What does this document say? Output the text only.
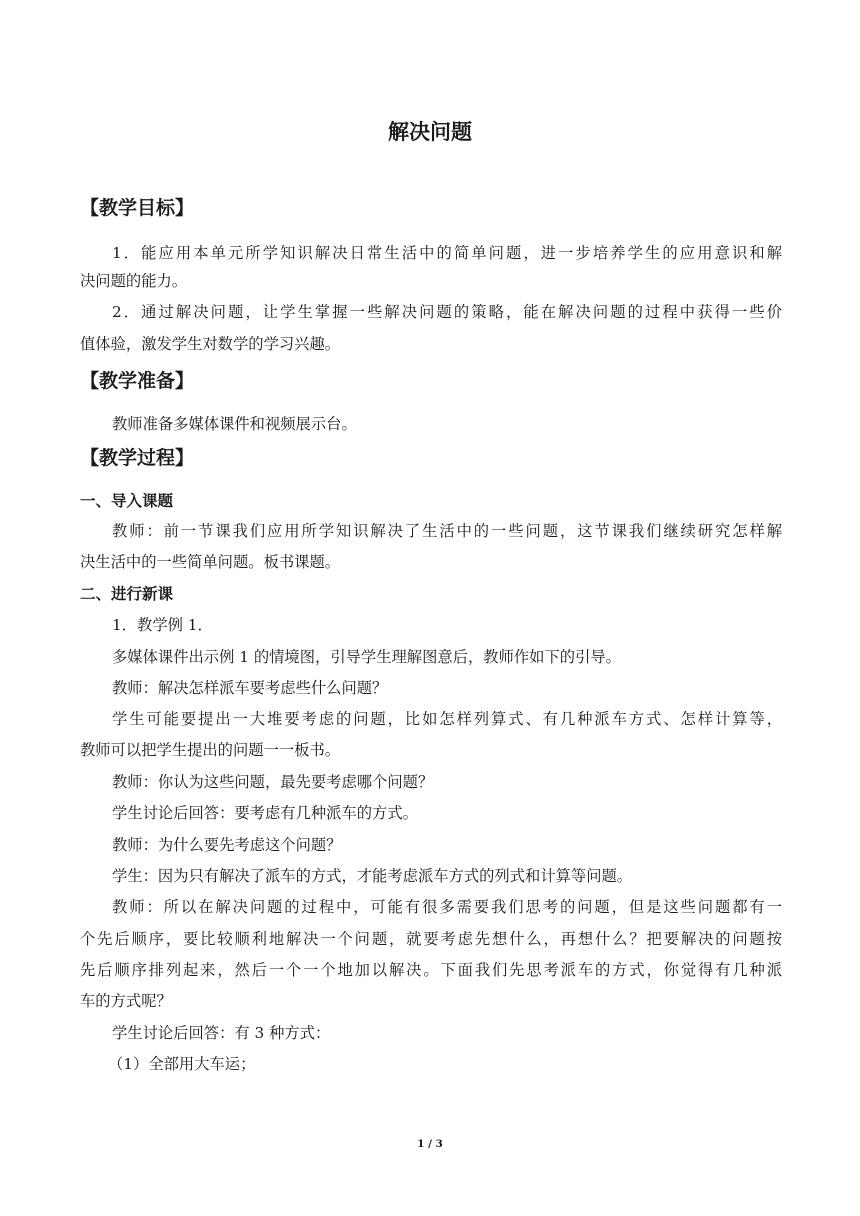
解决问题
【教学目标】
1．能应用本单元所学知识解决日常生活中的简单问题，进一步培养学生的应用意识和解
决问题的能力。
2．通过解决问题，让学生掌握一些解决问题的策略，能在解决问题的过程中获得一些价
值体验，激发学生对数学的学习兴趣。
【教学准备】
教师准备多媒体课件和视频展示台。
【教学过程】
一、导入课题
教师：前一节课我们应用所学知识解决了生活中的一些问题，这节课我们继续研究怎样解
决生活中的一些简单问题。板书课题。
二、进行新课
1．教学例 1．
多媒体课件出示例 1 的情境图，引导学生理解图意后，教师作如下的引导。
教师：解决怎样派车要考虑些什么问题？
学生可能要提出一大堆要考虑的问题，比如怎样列算式、有几种派车方式、怎样计算等，
教师可以把学生提出的问题一一板书。
教师：你认为这些问题，最先要考虑哪个问题？
学生讨论后回答：要考虑有几种派车的方式。
教师：为什么要先考虑这个问题？
学生：因为只有解决了派车的方式，才能考虑派车方式的列式和计算等问题。
教师：所以在解决问题的过程中，可能有很多需要我们思考的问题，但是这些问题都有一
个先后顺序，要比较顺利地解决一个问题，就要考虑先想什么，再想什么？把要解决的问题按
先后顺序排列起来，然后一个一个地加以解决。下面我们先思考派车的方式，你觉得有几种派
车的方式呢？
学生讨论后回答：有 3 种方式：
（1）全部用大车运；
1 / 3
